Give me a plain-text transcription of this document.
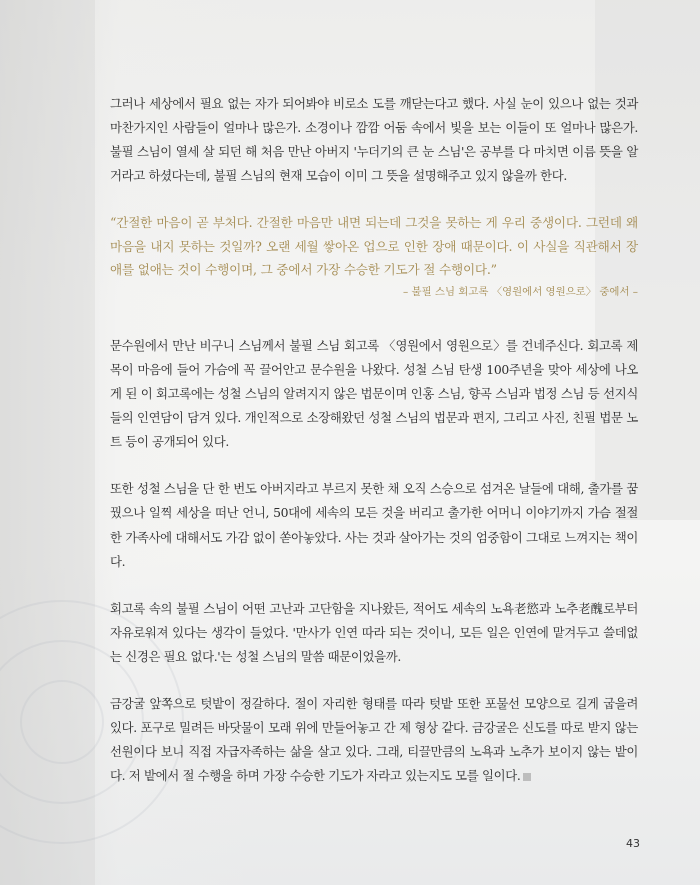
그러나 세상에서 필요 없는 자가 되어봐야 비로소 도를 깨닫는다고 했다. 사실 눈이 있으나 없는 것과 마찬가지인 사람들이 얼마나 많은가. 소경이나 깜깜 어둠 속에서 빛을 보는 이들이 또 얼마나 많은가. 불필 스님이 열세 살 되던 해 처음 만난 아버지 '누더기의 큰 눈 스님'은 공부를 다 마치면 이름 뜻을 알 거라고 하셨다는데, 불필 스님의 현재 모습이 이미 그 뜻을 설명해주고 있지 않을까 한다.

“간절한 마음이 곧 부처다. 간절한 마음만 내면 되는데 그것을 못하는 게 우리 중생이다. 그런데 왜 마음을 내지 못하는 것일까? 오랜 세월 쌓아온 업으로 인한 장애 때문이다. 이 사실을 직관해서 장애를 없애는 것이 수행이며, 그 중에서 가장 수승한 기도가 절 수행이다.”

– 불필 스님 회고록 〈영원에서 영원으로〉 중에서 –

문수원에서 만난 비구니 스님께서 불필 스님 회고록 〈영원에서 영원으로〉를 건네주신다. 회고록 제목이 마음에 들어 가슴에 꼭 끌어안고 문수원을 나왔다. 성철 스님 탄생 100주년을 맞아 세상에 나오게 된 이 회고록에는 성철 스님의 알려지지 않은 법문이며 인홍 스님, 향곡 스님과 법정 스님 등 선지식들의 인연담이 담겨 있다. 개인적으로 소장해왔던 성철 스님의 법문과 편지, 그리고 사진, 친필 법문 노트 등이 공개되어 있다.

또한 성철 스님을 단 한 번도 아버지라고 부르지 못한 채 오직 스승으로 섬겨온 날들에 대해, 출가를 꿈꿨으나 일찍 세상을 떠난 언니, 50대에 세속의 모든 것을 버리고 출가한 어머니 이야기까지 가슴 절절한 가족사에 대해서도 가감 없이 쏟아놓았다. 사는 것과 살아가는 것의 엄중함이 그대로 느껴지는 책이다.

회고록 속의 불필 스님이 어떤 고난과 고단함을 지나왔든, 적어도 세속의 노욕老慾과 노추老醜로부터 자유로워져 있다는 생각이 들었다. '만사가 인연 따라 되는 것이니, 모든 일은 인연에 맡겨두고 쓸데없는 신경은 필요 없다.'는 성철 스님의 말씀 때문이었을까.

금강굴 앞쪽으로 텃밭이 정갈하다. 절이 자리한 형태를 따라 텃밭 또한 포물선 모양으로 길게 굽을려 있다. 포구로 밀려든 바닷물이 모래 위에 만들어놓고 간 제 형상 같다. 금강굴은 신도를 따로 받지 않는 선원이다 보니 직접 자급자족하는 삶을 살고 있다. 그래, 티끌만큼의 노욕과 노추가 보이지 않는 밭이다. 저 밭에서 절 수행을 하며 가장 수승한 기도가 자라고 있는지도 모를 일이다.

43
